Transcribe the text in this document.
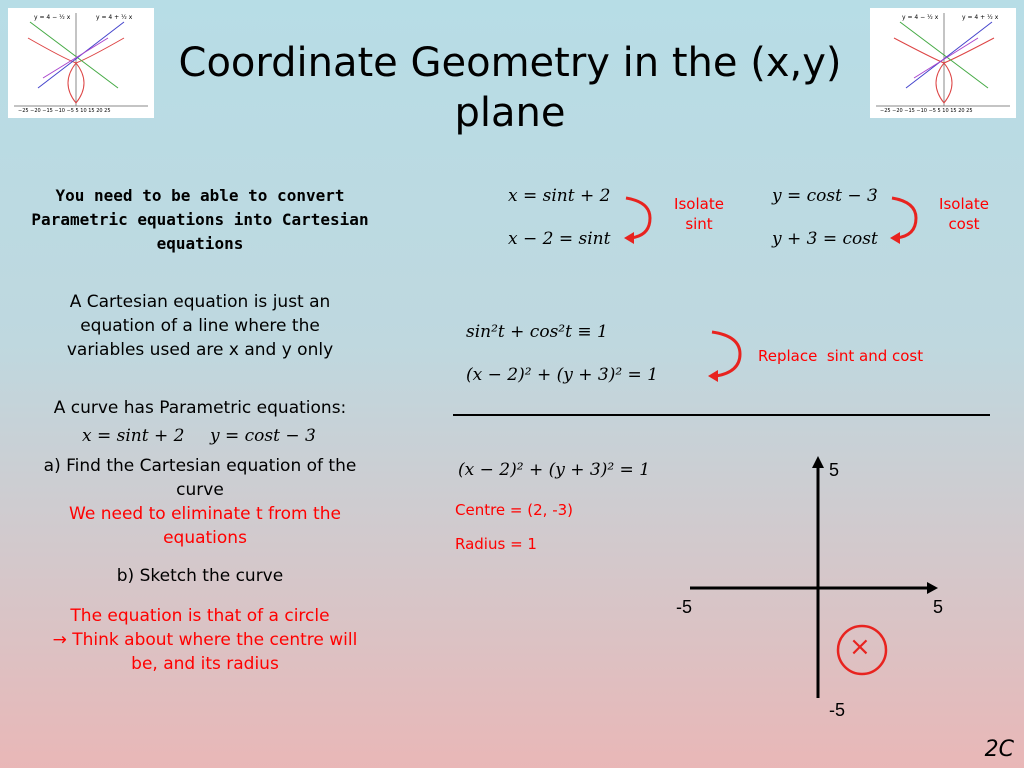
y = 4 − ½ x	y = 4 + ½ x
−25 −20 −15 −10 −5 5 10 15 20 25
y = 4 − ½ x	y = 4 + ½ x
−25 −20 −15 −10 −5 5 10 15 20 25
Coordinate Geometry in the (x,y) plane
You need to be able to convert Parametric equations into Cartesian equations
A Cartesian equation is just an equation of a line where the variables used are x and y only
A curve has Parametric equations:
x = sint + 2 y = cost − 3
a) Find the Cartesian equation of the curve
We need to eliminate t from the equations
b) Sketch the curve
The equation is that of a circle
→ Think about where the centre will be, and its radius
x = sint + 2
x − 2 = sint
Isolate sint
y = cost − 3
y + 3 = cost
Isolate cost
sin²t + cos²t ≡ 1
(x − 2)² + (y + 3)² = 1
Replace  sint and cost
(x − 2)² + (y + 3)² = 1
Centre = (2, -3)
Radius = 1
×
5
-5
-5	5
2C
